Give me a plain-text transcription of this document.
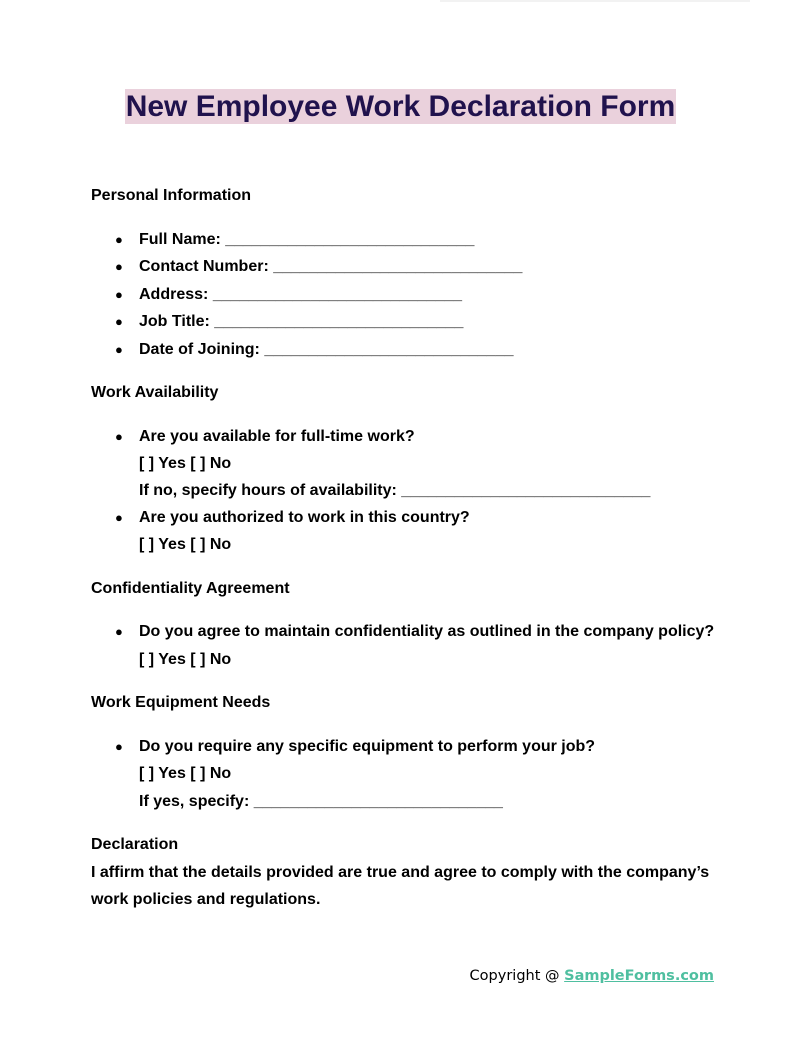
New Employee Work Declaration Form

Personal Information

● Full Name: ____________________________
● Contact Number: ____________________________
● Address: ____________________________
● Job Title: ____________________________
● Date of Joining: ____________________________

Work Availability

● Are you available for full-time work?
[ ] Yes [ ] No
If no, specify hours of availability: ____________________________
● Are you authorized to work in this country?
[ ] Yes [ ] No

Confidentiality Agreement

● Do you agree to maintain confidentiality as outlined in the company policy?
[ ] Yes [ ] No

Work Equipment Needs

● Do you require any specific equipment to perform your job?
[ ] Yes [ ] No
If yes, specify: ____________________________

Declaration

I affirm that the details provided are true and agree to comply with the company’s work policies and regulations.

Copyright @ SampleForms.com
